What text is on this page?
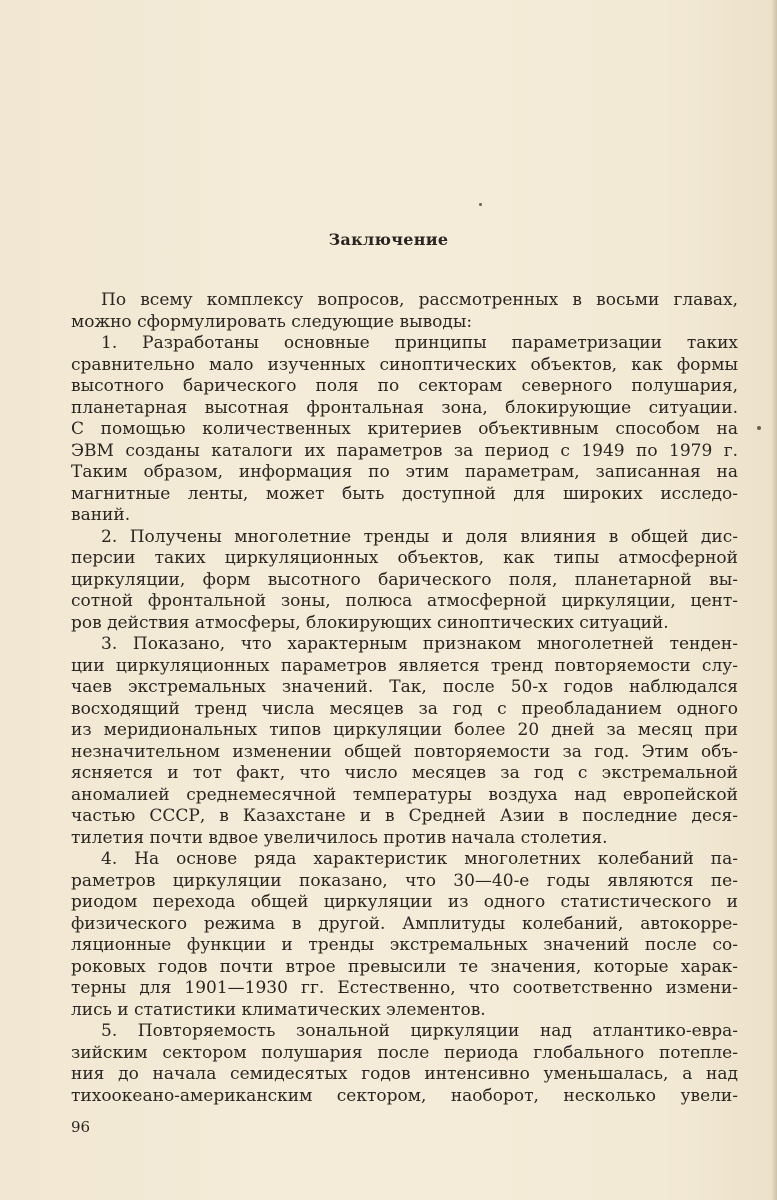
Заключение
По всему комплексу вопросов, рассмотренных в восьми главах,
можно сформулировать следующие выводы:
1. Разработаны основные принципы параметризации таких
сравнительно мало изученных синоптических объектов, как формы
высотного барического поля по секторам северного полушария,
планетарная высотная фронтальная зона, блокирующие ситуации.
С помощью количественных критериев объективным способом на
ЭВМ созданы каталоги их параметров за период с 1949 по 1979 г.
Таким образом, информация по этим параметрам, записанная на
магнитные ленты, может быть доступной для широких исследо-
ваний.
2. Получены многолетние тренды и доля влияния в общей дис-
персии таких циркуляционных объектов, как типы атмосферной
циркуляции, форм высотного барического поля, планетарной вы-
сотной фронтальной зоны, полюса атмосферной циркуляции, цент-
ров действия атмосферы, блокирующих синоптических ситуаций.
3. Показано, что характерным признаком многолетней тенден-
ции циркуляционных параметров является тренд повторяемости слу-
чаев экстремальных значений. Так, после 50-х годов наблюдался
восходящий тренд числа месяцев за год с преобладанием одного
из меридиональных типов циркуляции более 20 дней за месяц при
незначительном изменении общей повторяемости за год. Этим объ-
ясняется и тот факт, что число месяцев за год с экстремальной
аномалией среднемесячной температуры воздуха над европейской
частью СССР, в Казахстане и в Средней Азии в последние деся-
тилетия почти вдвое увеличилось против начала столетия.
4. На основе ряда характеристик многолетних колебаний па-
раметров циркуляции показано, что 30—40-е годы являются пе-
риодом перехода общей циркуляции из одного статистического и
физического режима в другой. Амплитуды колебаний, автокорре-
ляционные функции и тренды экстремальных значений после со-
роковых годов почти втрое превысили те значения, которые харак-
терны для 1901—1930 гг. Естественно, что соответственно измени-
лись и статистики климатических элементов.
5. Повторяемость зональной циркуляции над атлантико-евра-
зийским сектором полушария после периода глобального потепле-
ния до начала семидесятых годов интенсивно уменьшалась, а над
тихоокеано-американским сектором, наоборот, несколько увели-
96
